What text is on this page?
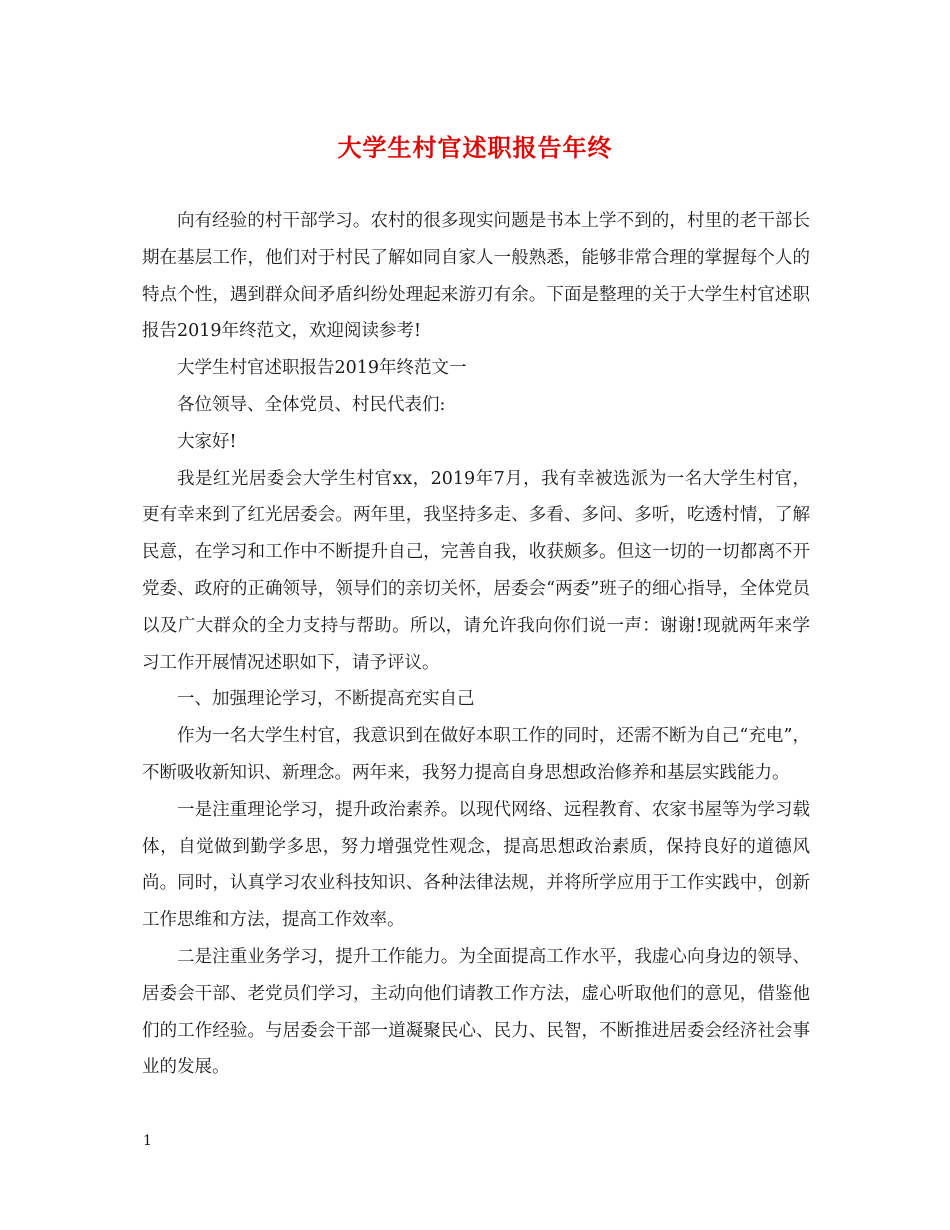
大学生村官述职报告年终

向有经验的村干部学习。农村的很多现实问题是书本上学不到的，村里的老干部长期在基层工作，他们对于村民了解如同自家人一般熟悉，能够非常合理的掌握每个人的特点个性，遇到群众间矛盾纠纷处理起来游刃有余。下面是整理的关于大学生村官述职报告2019年终范文，欢迎阅读参考!

大学生村官述职报告2019年终范文一

各位领导、全体党员、村民代表们:

大家好!

我是红光居委会大学生村官xx，2019年7月，我有幸被选派为一名大学生村官，更有幸来到了红光居委会。两年里，我坚持多走、多看、多问、多听，吃透村情，了解民意，在学习和工作中不断提升自己，完善自我，收获颇多。但这一切的一切都离不开党委、政府的正确领导，领导们的亲切关怀，居委会“两委”班子的细心指导，全体党员以及广大群众的全力支持与帮助。所以，请允许我向你们说一声：谢谢!现就两年来学习工作开展情况述职如下，请予评议。

一、加强理论学习，不断提高充实自己

作为一名大学生村官，我意识到在做好本职工作的同时，还需不断为自己“充电”，不断吸收新知识、新理念。两年来，我努力提高自身思想政治修养和基层实践能力。

一是注重理论学习，提升政治素养。以现代网络、远程教育、农家书屋等为学习载体，自觉做到勤学多思，努力增强党性观念，提高思想政治素质，保持良好的道德风尚。同时，认真学习农业科技知识、各种法律法规，并将所学应用于工作实践中，创新工作思维和方法，提高工作效率。

二是注重业务学习，提升工作能力。为全面提高工作水平，我虚心向身边的领导、居委会干部、老党员们学习，主动向他们请教工作方法，虚心听取他们的意见，借鉴他们的工作经验。与居委会干部一道凝聚民心、民力、民智，不断推进居委会经济社会事业的发展。

1
